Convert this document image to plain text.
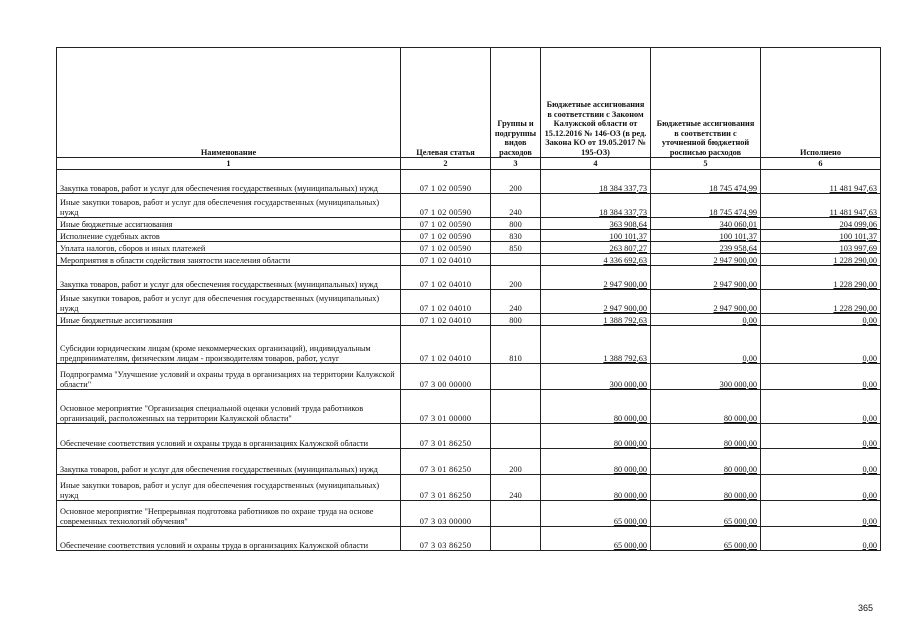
Наименование	Целевая статья	Группы и подгруппы видов расходов	Бюджетные ассигнования в соответствии с Законом Калужской области от 15.12.2016 № 146-ОЗ (в ред. Закона КО от 19.05.2017 № 195-ОЗ)	Бюджетные ассигнования в соответствии с уточненной бюджетной росписью расходов	Исполнено
1	2	3	4	5	6
Закупка товаров, работ и услуг для обеспечения государственных (муниципальных) нужд	07 1 02 00590	200	18 384 337,73	18 745 474,99	11 481 947,63
Иные закупки товаров, работ и услуг для обеспечения государственных (муниципальных) нужд	07 1 02 00590	240	18 384 337,73	18 745 474,99	11 481 947,63
Иные бюджетные ассигнования	07 1 02 00590	800	363 908,64	340 060,01	204 099,06
Исполнение судебных актов	07 1 02 00590	830	100 101,37	100 101,37	100 101,37
Уплата налогов, сборов и иных платежей	07 1 02 00590	850	263 807,27	239 958,64	103 997,69
Мероприятия в области содействия занятости населения области	07 1 02 04010		4 336 692,63	2 947 900,00	1 228 290,00
Закупка товаров, работ и услуг для обеспечения государственных (муниципальных) нужд	07 1 02 04010	200	2 947 900,00	2 947 900,00	1 228 290,00
Иные закупки товаров, работ и услуг для обеспечения государственных (муниципальных) нужд	07 1 02 04010	240	2 947 900,00	2 947 900,00	1 228 290,00
Иные бюджетные ассигнования	07 1 02 04010	800	1 388 792,63	0,00	0,00
Субсидии юридическим лицам (кроме некоммерческих организаций), индивидуальным предпринимателям, физическим лицам - производителям товаров, работ, услуг	07 1 02 04010	810	1 388 792,63	0,00	0,00
Подпрограмма "Улучшение условий и охраны труда в организациях на территории Калужской области"	07 3 00 00000		300 000,00	300 000,00	0,00
Основное мероприятие "Организация специальной оценки условий труда работников организаций, расположенных на территории Калужской области"	07 3 01 00000		80 000,00	80 000,00	0,00
Обеспечение соответствия условий и охраны труда в организациях Калужской области	07 3 01 86250		80 000,00	80 000,00	0,00
Закупка товаров, работ и услуг для обеспечения государственных (муниципальных) нужд	07 3 01 86250	200	80 000,00	80 000,00	0,00
Иные закупки товаров, работ и услуг для обеспечения государственных (муниципальных) нужд	07 3 01 86250	240	80 000,00	80 000,00	0,00
Основное мероприятие "Непрерывная подготовка работников по охране труда на основе современных технологий обучения"	07 3 03 00000		65 000,00	65 000,00	0,00
Обеспечение соответствия условий и охраны труда в организациях Калужской области	07 3 03 86250		65 000,00	65 000,00	0,00
365
